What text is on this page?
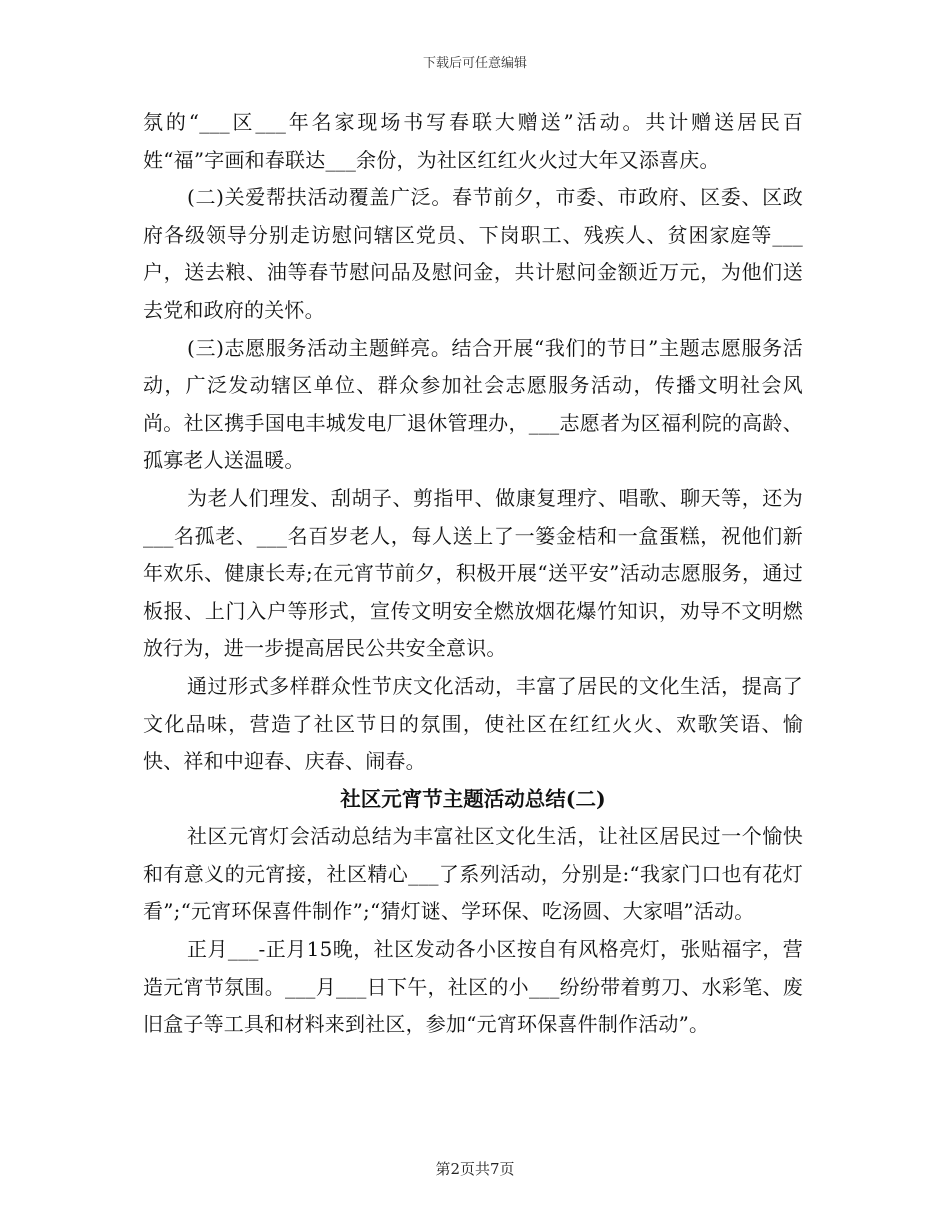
下载后可任意编辑

氛的“___区___年名家现场书写春联大赠送”活动。共计赠送居民百姓“福”字画和春联达___余份，为社区红红火火过大年又添喜庆。

(二)关爱帮扶活动覆盖广泛。春节前夕，市委、市政府、区委、区政府各级领导分别走访慰问辖区党员、下岗职工、残疾人、贫困家庭等___户，送去粮、油等春节慰问品及慰问金，共计慰问金额近万元，为他们送去党和政府的关怀。

(三)志愿服务活动主题鲜亮。结合开展“我们的节日”主题志愿服务活动，广泛发动辖区单位、群众参加社会志愿服务活动，传播文明社会风尚。社区携手国电丰城发电厂退休管理办，___志愿者为区福利院的高龄、孤寡老人送温暖。

为老人们理发、刮胡子、剪指甲、做康复理疗、唱歌、聊天等，还为___名孤老、___名百岁老人，每人送上了一篓金桔和一盒蛋糕，祝他们新年欢乐、健康长寿;在元宵节前夕，积极开展“送平安”活动志愿服务，通过板报、上门入户等形式，宣传文明安全燃放烟花爆竹知识，劝导不文明燃放行为，进一步提高居民公共安全意识。

通过形式多样群众性节庆文化活动，丰富了居民的文化生活，提高了文化品味，营造了社区节日的氛围，使社区在红红火火、欢歌笑语、愉快、祥和中迎春、庆春、闹春。

社区元宵节主题活动总结(二)

社区元宵灯会活动总结为丰富社区文化生活，让社区居民过一个愉快和有意义的元宵接，社区精心___了系列活动，分别是:“我家门口也有花灯看”;“元宵环保喜件制作”;“猜灯谜、学环保、吃汤圆、大家唱”活动。

正月___-正月15晚，社区发动各小区按自有风格亮灯，张贴福字，营造元宵节氛围。___月___日下午，社区的小___纷纷带着剪刀、水彩笔、废旧盒子等工具和材料来到社区，参加“元宵环保喜件制作活动”。

第2页共7页
